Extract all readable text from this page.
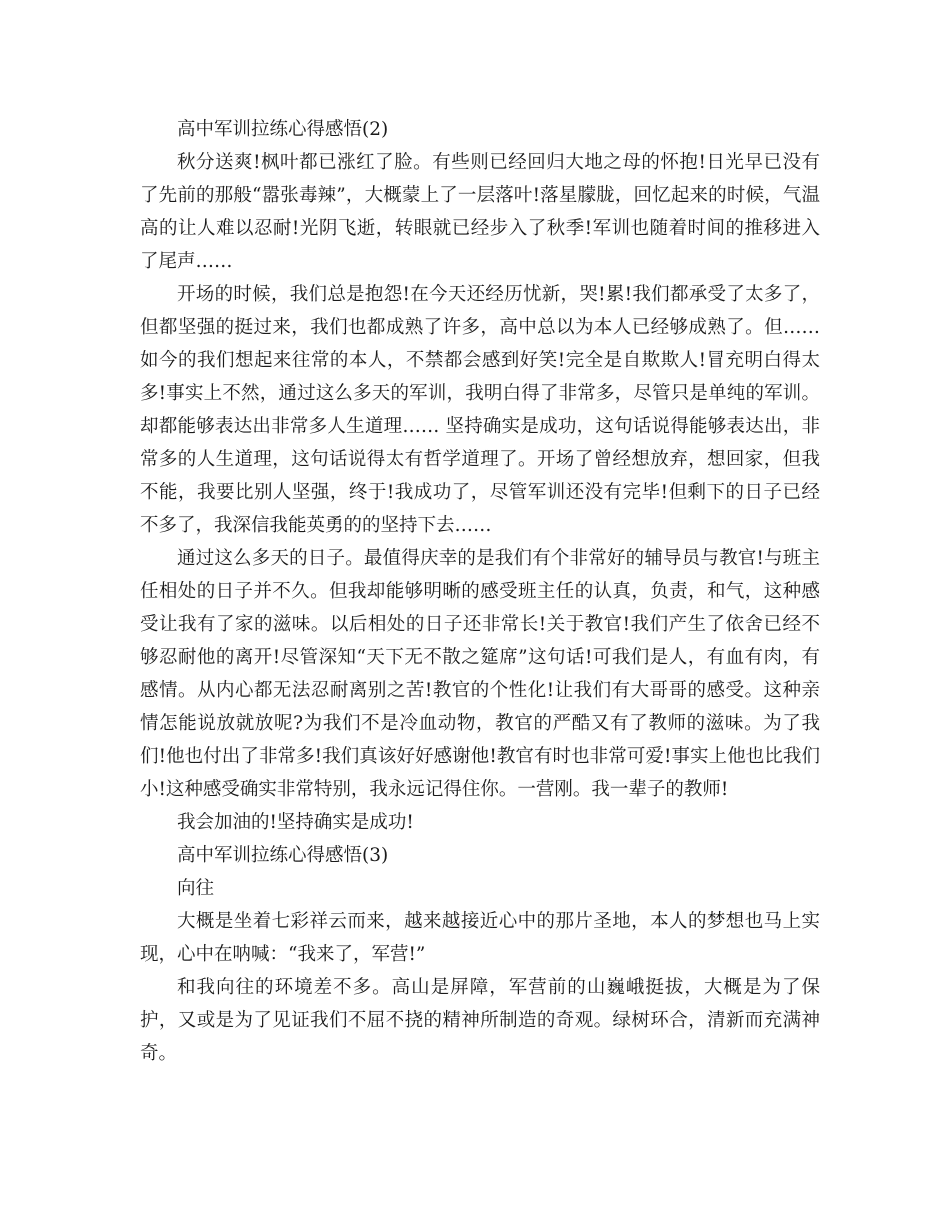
高中军训拉练心得感悟(2)

秋分送爽!枫叶都已涨红了脸。有些则已经回归大地之母的怀抱!日光早已没有了先前的那般“嚣张毒辣”，大概蒙上了一层落叶!落星朦胧，回忆起来的时候，气温高的让人难以忍耐!光阴飞逝，转眼就已经步入了秋季!军训也随着时间的推移进入了尾声……

开场的时候，我们总是抱怨!在今天还经历忧新，哭!累!我们都承受了太多了，但都坚强的挺过来，我们也都成熟了许多，高中总以为本人已经够成熟了。但……如今的我们想起来往常的本人，不禁都会感到好笑!完全是自欺欺人!冒充明白得太多!事实上不然，通过这么多天的军训，我明白得了非常多，尽管只是单纯的军训。却都能够表达出非常多人生道理…… 坚持确实是成功，这句话说得能够表达出，非常多的人生道理，这句话说得太有哲学道理了。开场了曾经想放弃，想回家，但我不能，我要比别人坚强，终于!我成功了，尽管军训还没有完毕!但剩下的日子已经不多了，我深信我能英勇的的坚持下去……

通过这么多天的日子。最值得庆幸的是我们有个非常好的辅导员与教官!与班主任相处的日子并不久。但我却能够明晰的感受班主任的认真，负责，和气，这种感受让我有了家的滋味。以后相处的日子还非常长!关于教官!我们产生了依舍已经不够忍耐他的离开!尽管深知“天下无不散之筵席”这句话!可我们是人，有血有肉，有感情。从内心都无法忍耐离别之苦!教官的个性化!让我们有大哥哥的感受。这种亲情怎能说放就放呢?为我们不是冷血动物，教官的严酷又有了教师的滋味。为了我们!他也付出了非常多!我们真该好好感谢他!教官有时也非常可爱!事实上他也比我们小!这种感受确实非常特别，我永远记得住你。一营刚。我一辈子的教师!

我会加油的!坚持确实是成功!

高中军训拉练心得感悟(3)

向往

大概是坐着七彩祥云而来，越来越接近心中的那片圣地，本人的梦想也马上实现，心中在呐喊：“我来了，军营!”

和我向往的环境差不多。高山是屏障，军营前的山巍峨挺拔，大概是为了保护，又或是为了见证我们不屈不挠的精神所制造的奇观。绿树环合，清新而充满神奇。
